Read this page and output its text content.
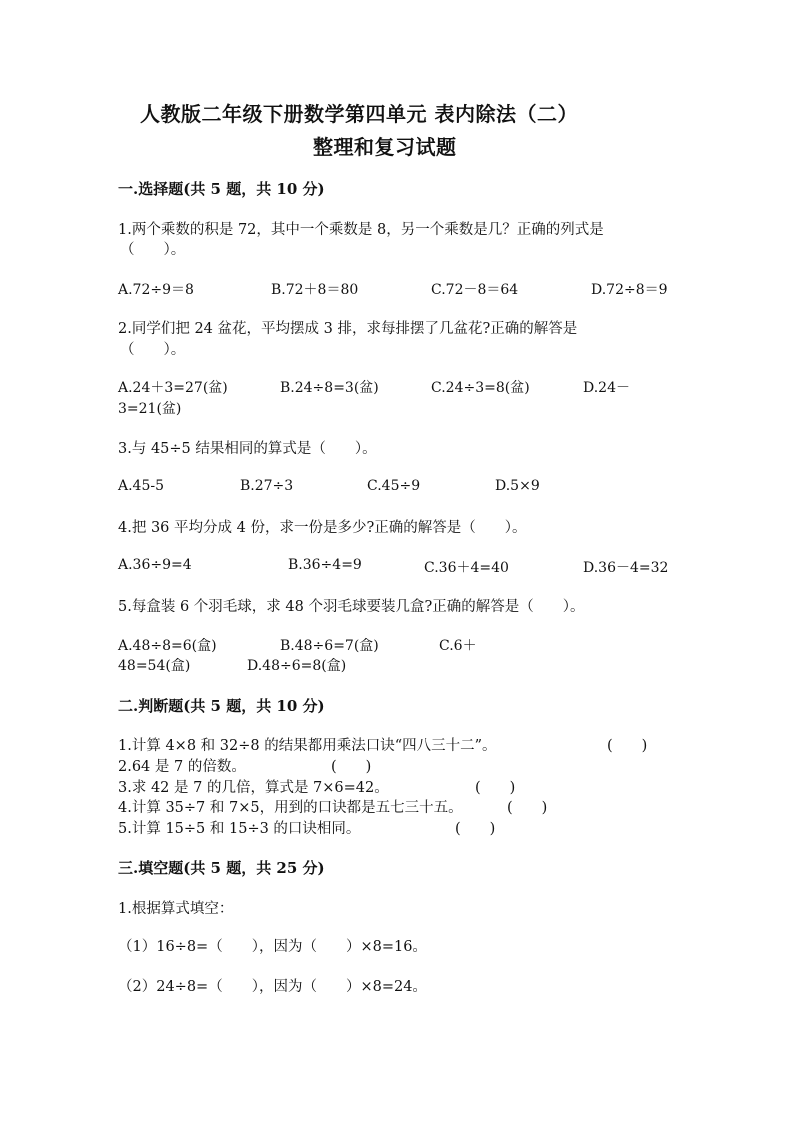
人教版二年级下册数学第四单元 表内除法（二）
整理和复习试题
一.选择题(共 5 题，共 10 分)
1.两个乘数的积是 72，其中一个乘数是 8，另一个乘数是几？正确的列式是
（　　）。
A.72÷9＝8	B.72＋8＝80	C.72－8＝64	D.72÷8＝9
2.同学们把 24 盆花，平均摆成 3 排，求每排摆了几盆花?正确的解答是
（　　）。
A.24＋3=27(盆)	B.24÷8=3(盆)	C.24÷3=8(盆)	D.24－
3=21(盆)
3.与 45÷5 结果相同的算式是（　　）。
A.45-5	B.27÷3	C.45÷9	D.5×9
4.把 36 平均分成 4 份，求一份是多少?正确的解答是（　　）。
A.36÷9=4	B.36÷4=9	C.36＋4=40	D.36－4=32
5.每盒装 6 个羽毛球，求 48 个羽毛球要装几盒?正确的解答是（　　）。
A.48÷8=6(盒)	B.48÷6=7(盒)	C.6＋
48=54(盒)	D.48÷6=8(盒)
二.判断题(共 5 题，共 10 分)
1.计算 4×8 和 32÷8 的结果都用乘法口诀“四八三十二”。	(　　)
2.64 是 7 的倍数。	(　　)
3.求 42 是 7 的几倍，算式是 7×6=42。	(　　)
4.计算 35÷7 和 7×5，用到的口诀都是五七三十五。	(　　)
5.计算 15÷5 和 15÷3 的口诀相同。	(　　)
三.填空题(共 5 题，共 25 分)
1.根据算式填空：
（1）16÷8=（　　），因为（　　）×8=16。
（2）24÷8=（　　），因为（　　）×8=24。
